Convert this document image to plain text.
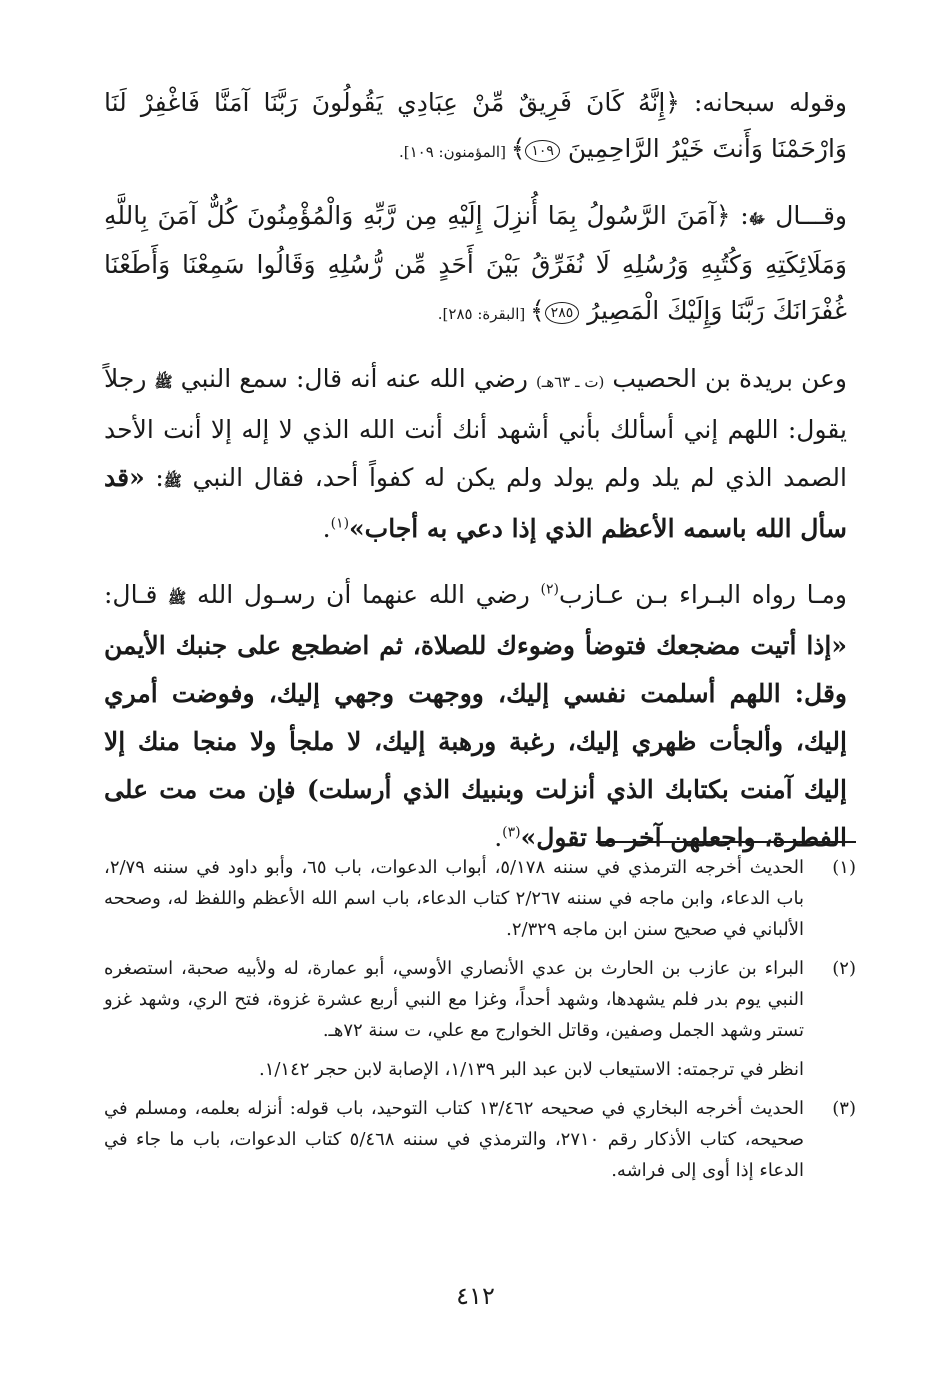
وقوله سبحانه: ﴿إِنَّهُ كَانَ فَرِيقٌ مِّنْ عِبَادِي يَقُولُونَ رَبَّنَا آمَنَّا فَاغْفِرْ لَنَا وَارْحَمْنَا وَأَنتَ خَيْرُ الرَّاحِمِينَ ١٠٩﴾ [المؤمنون: ١٠٩].

وقـــال ﷻ: ﴿آمَنَ الرَّسُولُ بِمَا أُنزِلَ إِلَيْهِ مِن رَّبِّهِ وَالْمُؤْمِنُونَ كُلٌّ آمَنَ بِاللَّهِ وَمَلَائِكَتِهِ وَكُتُبِهِ وَرُسُلِهِ لَا نُفَرِّقُ بَيْنَ أَحَدٍ مِّن رُّسُلِهِ وَقَالُوا سَمِعْنَا وَأَطَعْنَا غُفْرَانَكَ رَبَّنَا وَإِلَيْكَ الْمَصِيرُ ٢٨٥﴾ [البقرة: ٢٨٥].

وعن بريدة بن الحصيب (ت ـ ٦٣هـ) رضي الله عنه أنه قال: سمع النبي ﷺ رجلاً يقول: اللهم إني أسألك بأني أشهد أنك أنت الله الذي لا إله إلا أنت الأحد الصمد الذي لم يلد ولم يولد ولم يكن له كفواً أحد، فقال النبي ﷺ: «قد سأل الله باسمه الأعظم الذي إذا دعي به أجاب»$^{(١)}$.

ومـا رواه البـراء بـن عـازب$^{(٢)}$ رضي الله عنهما أن رسـول الله ﷺ قـال: «إذا أتيت مضجعك فتوضأ وضوءك للصلاة، ثم اضطجع على جنبك الأيمن وقل: اللهم أسلمت نفسي إليك، ووجهت وجهي إليك، وفوضت أمري إليك، وألجأت ظهري إليك، رغبة ورهبة إليك، لا ملجأ ولا منجا منك إلا إليك آمنت بكتابك الذي أنزلت وبنبيك الذي أرسلت) فإن مت مت على الفطرة، واجعلهن آخر ما تقول»$^{(٣)}$.

(١)
الحديث أخرجه الترمذي في سننه ٥/١٧٨، أبواب الدعوات، باب ٦٥، وأبو داود في سننه ٢/٧٩، باب الدعاء، وابن ماجه في سننه ٢/٢٦٧ كتاب الدعاء، باب اسم الله الأعظم واللفظ له، وصححه الألباني في صحيح سنن ابن ماجه ٢/٣٢٩.
(٢)
البراء بن عازب بن الحارث بن عدي الأنصاري الأوسي، أبو عمارة، له ولأبيه صحبة، استصغره النبي يوم بدر فلم يشهدها، وشهد أحداً، وغزا مع النبي أربع عشرة غزوة، فتح الري، وشهد غزو تستر وشهد الجمل وصفين، وقاتل الخوارج مع علي، ت سنة ٧٢هـ.
انظر في ترجمته: الاستيعاب لابن عبد البر ١/١٣٩، الإصابة لابن حجر ١/١٤٢.
(٣)
الحديث أخرجه البخاري في صحيحه ١٣/٤٦٢ كتاب التوحيد، باب قوله: أنزله بعلمه، ومسلم في صحيحه، كتاب الأذكار رقم ٢٧١٠، والترمذي في سننه ٥/٤٦٨ كتاب الدعوات، باب ما جاء في الدعاء إذا أوى إلى فراشه.
٤١٢
